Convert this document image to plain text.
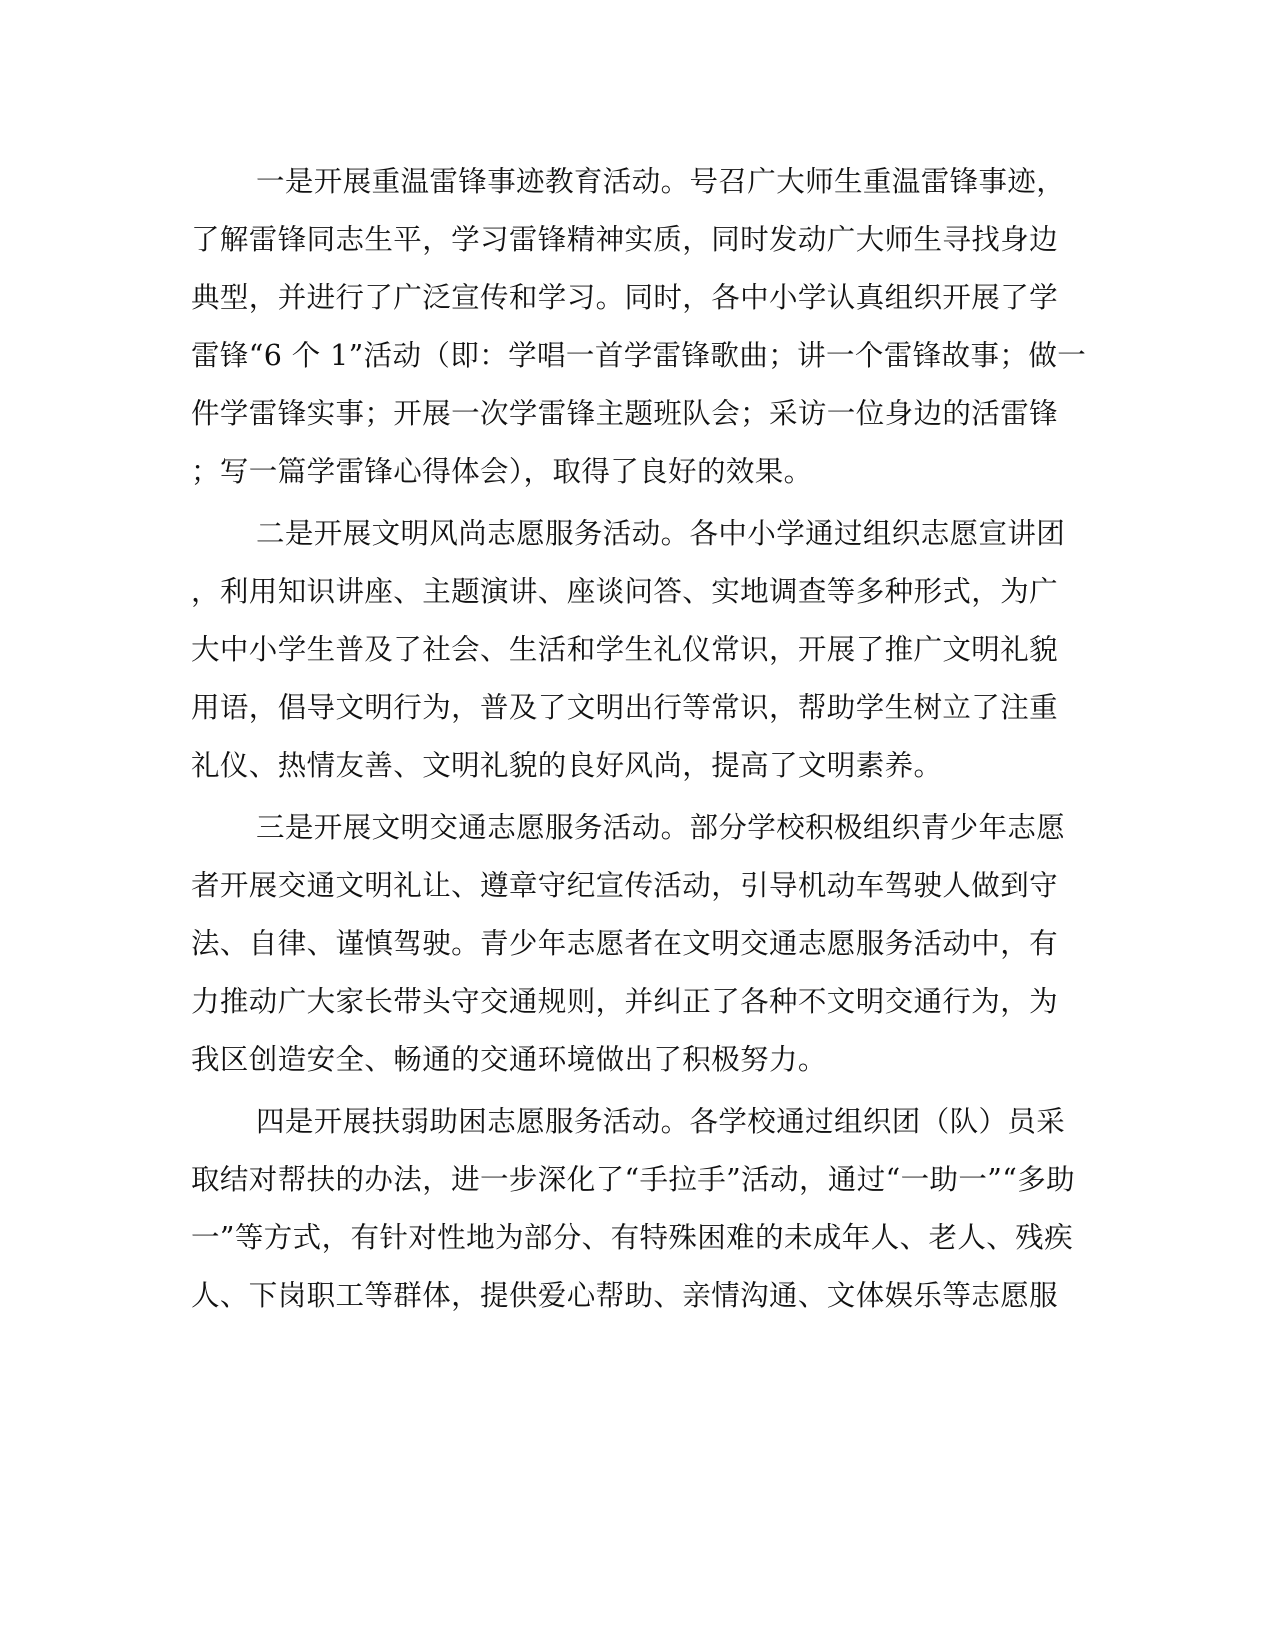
一是开展重温雷锋事迹教育活动。号召广大师生重温雷锋事迹，
了解雷锋同志生平，学习雷锋精神实质，同时发动广大师生寻找身边
典型，并进行了广泛宣传和学习。同时，各中小学认真组织开展了学
雷锋“6 个 1”活动（即：学唱一首学雷锋歌曲；讲一个雷锋故事；做一
件学雷锋实事；开展一次学雷锋主题班队会；采访一位身边的活雷锋
；写一篇学雷锋心得体会），取得了良好的效果。
二是开展文明风尚志愿服务活动。各中小学通过组织志愿宣讲团
，利用知识讲座、主题演讲、座谈问答、实地调查等多种形式，为广
大中小学生普及了社会、生活和学生礼仪常识，开展了推广文明礼貌
用语，倡导文明行为，普及了文明出行等常识，帮助学生树立了注重
礼仪、热情友善、文明礼貌的良好风尚，提高了文明素养。
三是开展文明交通志愿服务活动。部分学校积极组织青少年志愿
者开展交通文明礼让、遵章守纪宣传活动，引导机动车驾驶人做到守
法、自律、谨慎驾驶。青少年志愿者在文明交通志愿服务活动中，有
力推动广大家长带头守交通规则，并纠正了各种不文明交通行为，为
我区创造安全、畅通的交通环境做出了积极努力。
四是开展扶弱助困志愿服务活动。各学校通过组织团（队）员采
取结对帮扶的办法，进一步深化了“手拉手”活动，通过“一助一”“多助
一”等方式，有针对性地为部分、有特殊困难的未成年人、老人、残疾
人、下岗职工等群体，提供爱心帮助、亲情沟通、文体娱乐等志愿服
